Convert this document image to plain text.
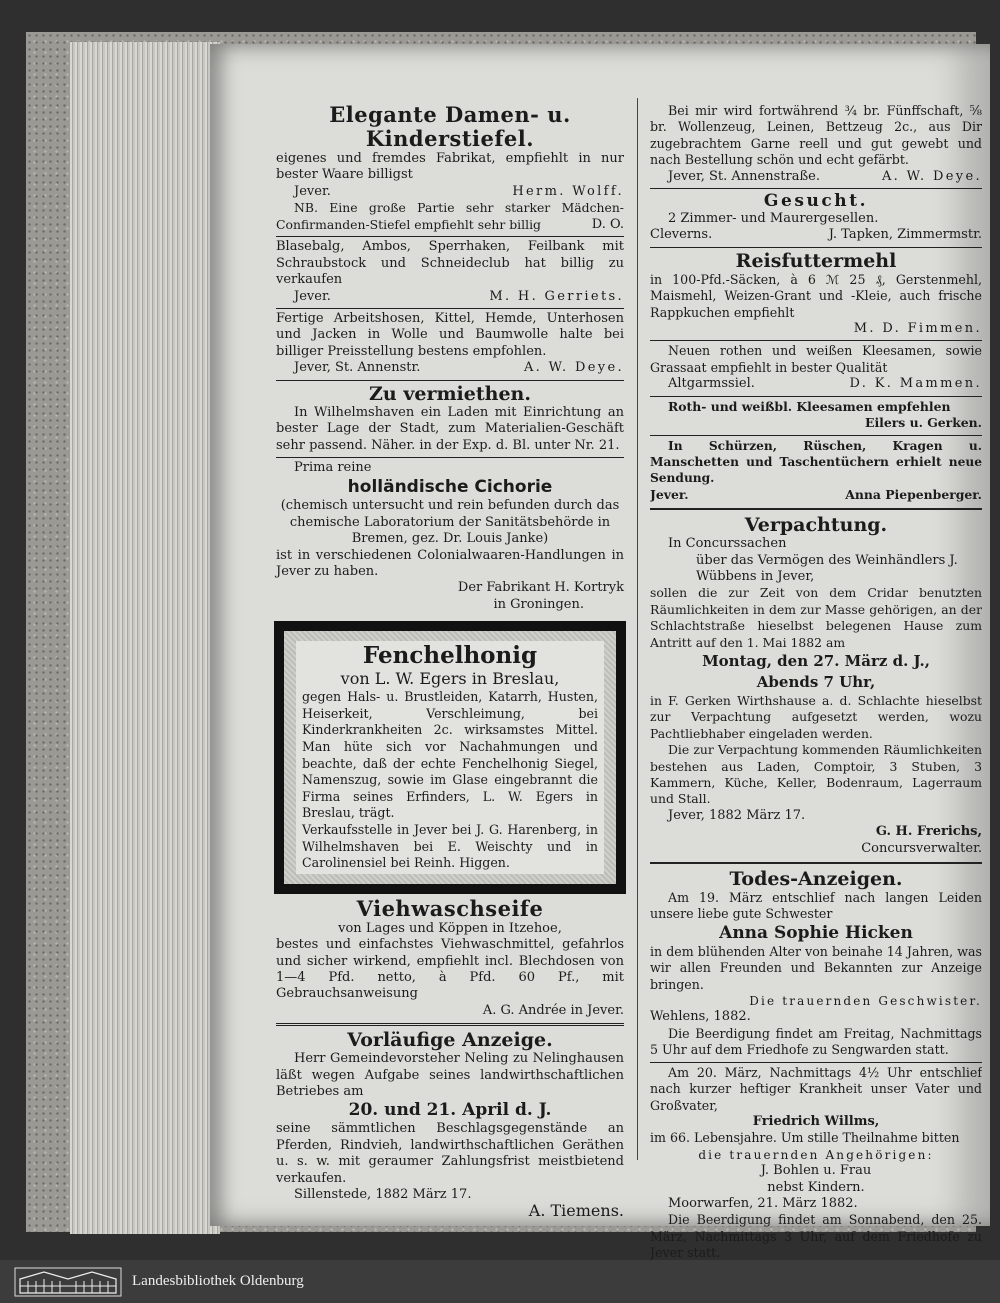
Elegante Damen- u. Kinderstiefel.

eigenes und fremdes Fabrikat, empfiehlt in nur bester Waare billigst

Jever.	Herm. Wolff.

NB. Eine große Partie sehr starker Mädchen-Confirmanden-Stiefel empfiehlt sehr billig	D. O.

Blasebalg, Ambos, Sperrhaken, Feilbank mit Schraubstock und Schneideclub hat billig zu verkaufen

Jever.	M. H. Gerriets.

Fertige Arbeitshosen, Kittel, Hemde, Unterhosen und Jacken in Wolle und Baumwolle halte bei billiger Preisstellung bestens empfohlen.

Jever, St. Annenstr.	A. W. Deye.

Zu vermiethen.

In Wilhelmshaven ein Laden mit Einrichtung an bester Lage der Stadt, zum Materialien-Geschäft sehr passend. Näher. in der Exp. d. Bl. unter Nr. 21.

Prima reine

holländische Cichorie

(chemisch untersucht und rein befunden durch das chemische Laboratorium der Sanitätsbehörde in Bremen, gez. Dr. Louis Janke)

ist in verschiedenen Colonialwaaren-Handlungen in Jever zu haben.

Der Fabrikant H. Kortryk

in Groningen.

Fenchelhonig

von L. W. Egers in Breslau,

gegen Hals- u. Brustleiden, Katarrh, Husten, Heiserkeit, Verschleimung, bei Kinderkrankheiten 2c. wirksamstes Mittel. Man hüte sich vor Nachahmungen und beachte, daß der echte Fenchelhonig Siegel, Namenszug, sowie im Glase eingebrannt die Firma seines Erfinders, L. W. Egers in Breslau, trägt.

Verkaufsstelle in Jever bei J. G. Harenberg, in Wilhelmshaven bei E. Weischty und in Carolinensiel bei Reinh. Higgen.

Viehwaschseife

von Lages und Köppen in Itzehoe,

bestes und einfachstes Viehwaschmittel, gefahrlos und sicher wirkend, empfiehlt incl. Blechdosen von 1—4 Pfd. netto, à Pfd. 60 Pf., mit Gebrauchsanweisung

A. G. Andrée in Jever.

Vorläufige Anzeige.

Herr Gemeindevorsteher Neling zu Nelinghausen läßt wegen Aufgabe seines landwirthschaftlichen Betriebes am

20. und 21. April d. J.

seine sämmtlichen Beschlagsgegenstände an Pferden, Rindvieh, landwirthschaftlichen Geräthen u. s. w. mit geraumer Zahlungsfrist meistbietend verkaufen.

Sillenstede, 1882 März 17.

A. Tiemens.

Bei mir wird fortwährend ¾ br. Fünffschaft, ⅝ br. Wollenzeug, Leinen, Bettzeug 2c., aus Dir zugebrachtem Garne reell und gut gewebt und nach Bestellung schön und echt gefärbt.

Jever, St. Annenstraße.	A. W. Deye.

Gesucht.

2 Zimmer- und Maurergesellen.

Cleverns.	J. Tapken, Zimmermstr.

Reisfuttermehl

in 100-Pfd.-Säcken, à 6 ℳ 25 ₰, Gerstenmehl, Maismehl, Weizen-Grant und -Kleie, auch frische Rappkuchen empfiehlt

M. D. Fimmen.

Neuen rothen und weißen Kleesamen, sowie Grassaat empfiehlt in bester Qualität

Altgarmssiel.	D. K. Mammen.

Roth- und weißbl. Kleesamen empfehlen

Eilers u. Gerken.

In Schürzen, Rüschen, Kragen u. Manschetten und Taschentüchern erhielt neue Sendung.

Jever.	Anna Piepenberger.

Verpachtung.

In Concurssachen

über das Vermögen des Weinhändlers J. Wübbens in Jever,

sollen die zur Zeit von dem Cridar benutzten Räumlichkeiten in dem zur Masse gehörigen, an der Schlachtstraße hieselbst belegenen Hause zum Antritt auf den 1. Mai 1882 am

Montag, den 27. März d. J.,

Abends 7 Uhr,

in F. Gerken Wirthshause a. d. Schlachte hieselbst zur Verpachtung aufgesetzt werden, wozu Pachtliebhaber eingeladen werden.

Die zur Verpachtung kommenden Räumlichkeiten bestehen aus Laden, Comptoir, 3 Stuben, 3 Kammern, Küche, Keller, Bodenraum, Lagerraum und Stall.

Jever, 1882 März 17.

G. H. Frerichs,

Concursverwalter.

Todes-Anzeigen.

Am 19. März entschlief nach langen Leiden unsere liebe gute Schwester

Anna Sophie Hicken

in dem blühenden Alter von beinahe 14 Jahren, was wir allen Freunden und Bekannten zur Anzeige bringen.

Die trauernden Geschwister.

Wehlens, 1882.

Die Beerdigung findet am Freitag, Nachmittags 5 Uhr auf dem Friedhofe zu Sengwarden statt.

Am 20. März, Nachmittags 4½ Uhr entschlief nach kurzer heftiger Krankheit unser Vater und Großvater,

Friedrich Willms,

im 66. Lebensjahre. Um stille Theilnahme bitten

die trauernden Angehörigen:

J. Bohlen u. Frau

nebst Kindern.

Moorwarfen, 21. März 1882.

Die Beerdigung findet am Sonnabend, den 25. März, Nachmittags 3 Uhr, auf dem Friedhofe zu Jever statt.

Landesbibliothek Oldenburg
